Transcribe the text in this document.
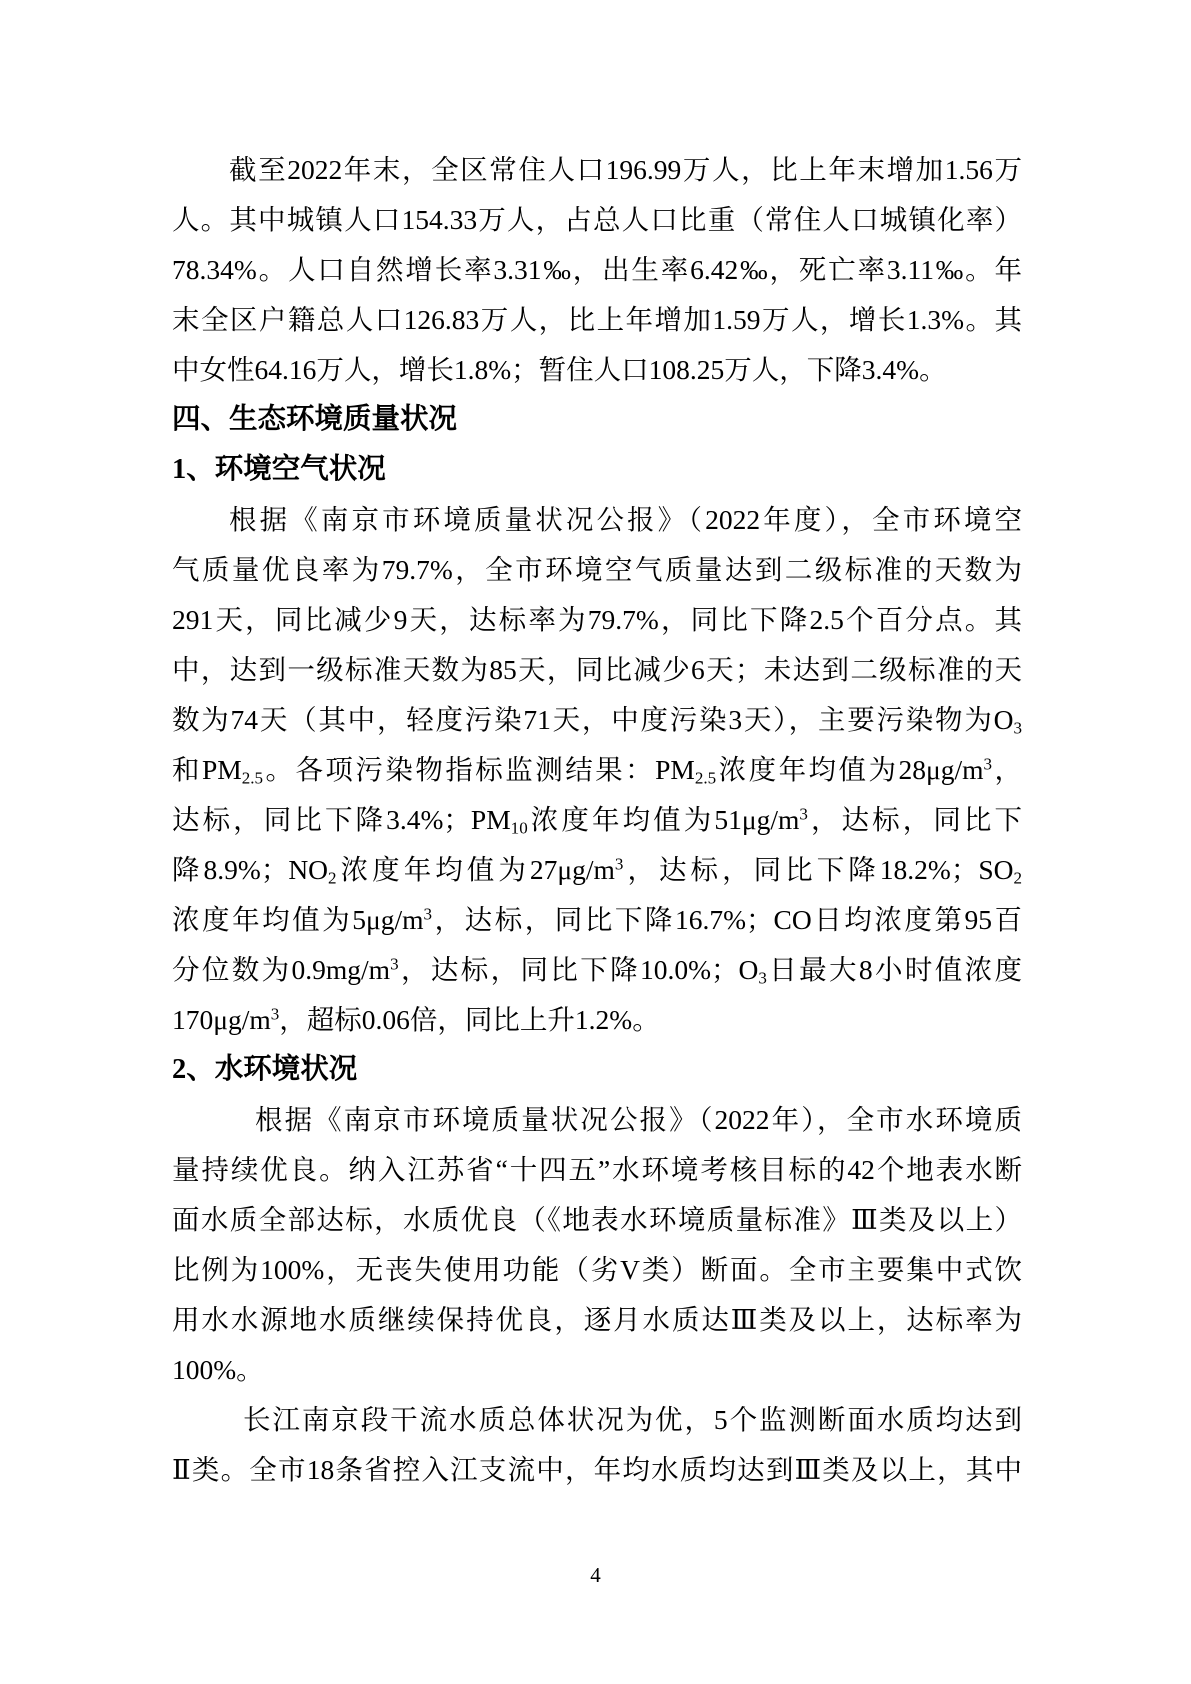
截至2022年末，全区常住人口196.99万人，比上年末增加1.56万
人。其中城镇人口154.33万人，占总人口比重（常住人口城镇化率）
78.34%。人口自然增长率3.31‰，出生率6.42‰，死亡率3.11‰。年
末全区户籍总人口126.83万人，比上年增加1.59万人，增长1.3%。其
中女性64.16万人，增长1.8%；暂住人口108.25万人，下降3.4%。
四、生态环境质量状况
1、环境空气状况
根据《南京市环境质量状况公报》（2022年度），全市环境空
气质量优良率为79.7%，全市环境空气质量达到二级标准的天数为
291天，同比减少9天，达标率为79.7%，同比下降2.5个百分点。其
中，达到一级标准天数为85天，同比减少6天；未达到二级标准的天
数为74天（其中，轻度污染71天，中度污染3天），主要污染物为$O_3$
和$PM_{2.5}$。各项污染物指标监测结果：$PM_{2.5}$浓度年均值为$28\mu g/m^3$，
达标，同比下降3.4%；$PM_{10}$浓度年均值为$51\mu g/m^3$，达标，同比下
降8.9%；$NO_2$浓度年均值为$27\mu g/m^3$，达标，同比下降18.2%；$SO_2$
浓度年均值为$5\mu g/m^3$，达标，同比下降16.7%；CO日均浓度第95百
分位数为$0.9mg/m^3$，达标，同比下降10.0%；$O_3$日最大8小时值浓度
$170\mu g/m^3$，超标0.06倍，同比上升1.2%。
2、水环境状况
根据《南京市环境质量状况公报》（2022年），全市水环境质
量持续优良。纳入江苏省“十四五”水环境考核目标的42个地表水断
面水质全部达标，水质优良（《地表水环境质量标准》Ⅲ类及以上）
比例为100%，无丧失使用功能（劣V类）断面。全市主要集中式饮
用水水源地水质继续保持优良，逐月水质达Ⅲ类及以上，达标率为
100%。
长江南京段干流水质总体状况为优，5个监测断面水质均达到
Ⅱ类。全市18条省控入江支流中，年均水质均达到Ⅲ类及以上，其中
4
